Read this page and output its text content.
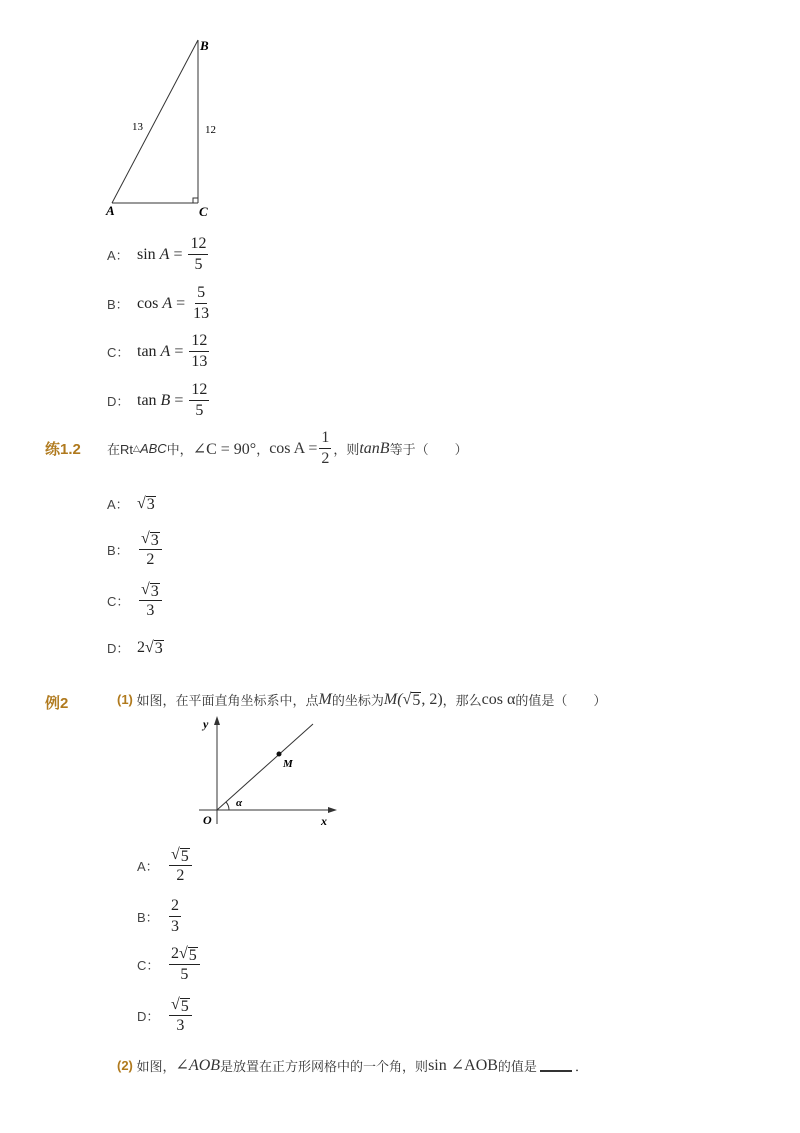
A
B
C
13	12
A： sin
$A = \frac{12}{5}$
B： cos
$A = \frac{5}{13}$
C： tan
$A = \frac{12}{13}$
D： tan
$B = \frac{12}{5}$
练1.2 在Rt △ ABC 中， ∠C = 90° ， $\cos A = \frac{1}{2}$ ，则 tanB 等于（　　）
A： √ 3
B： $\frac{√ 3}{2}$
C： $\frac{√ 3}{3}$
D： 2 √ 3
例2	(1)
如图，在平面直角坐标系中，点 M 的坐标为 M( √ 5 , 2) ，那么 cos α 的值是（　　）
y
x
O
M
α
A： $\frac{√ 5}{2}$
B： $\frac{2}{3}$
C： $\frac{2 √ 5}{5}$
D： $\frac{√ 5}{3}$
(2)
如图， ∠AOB 是放置在正方形网格中的一个角，则 sin ∠AOB 的值是	．
